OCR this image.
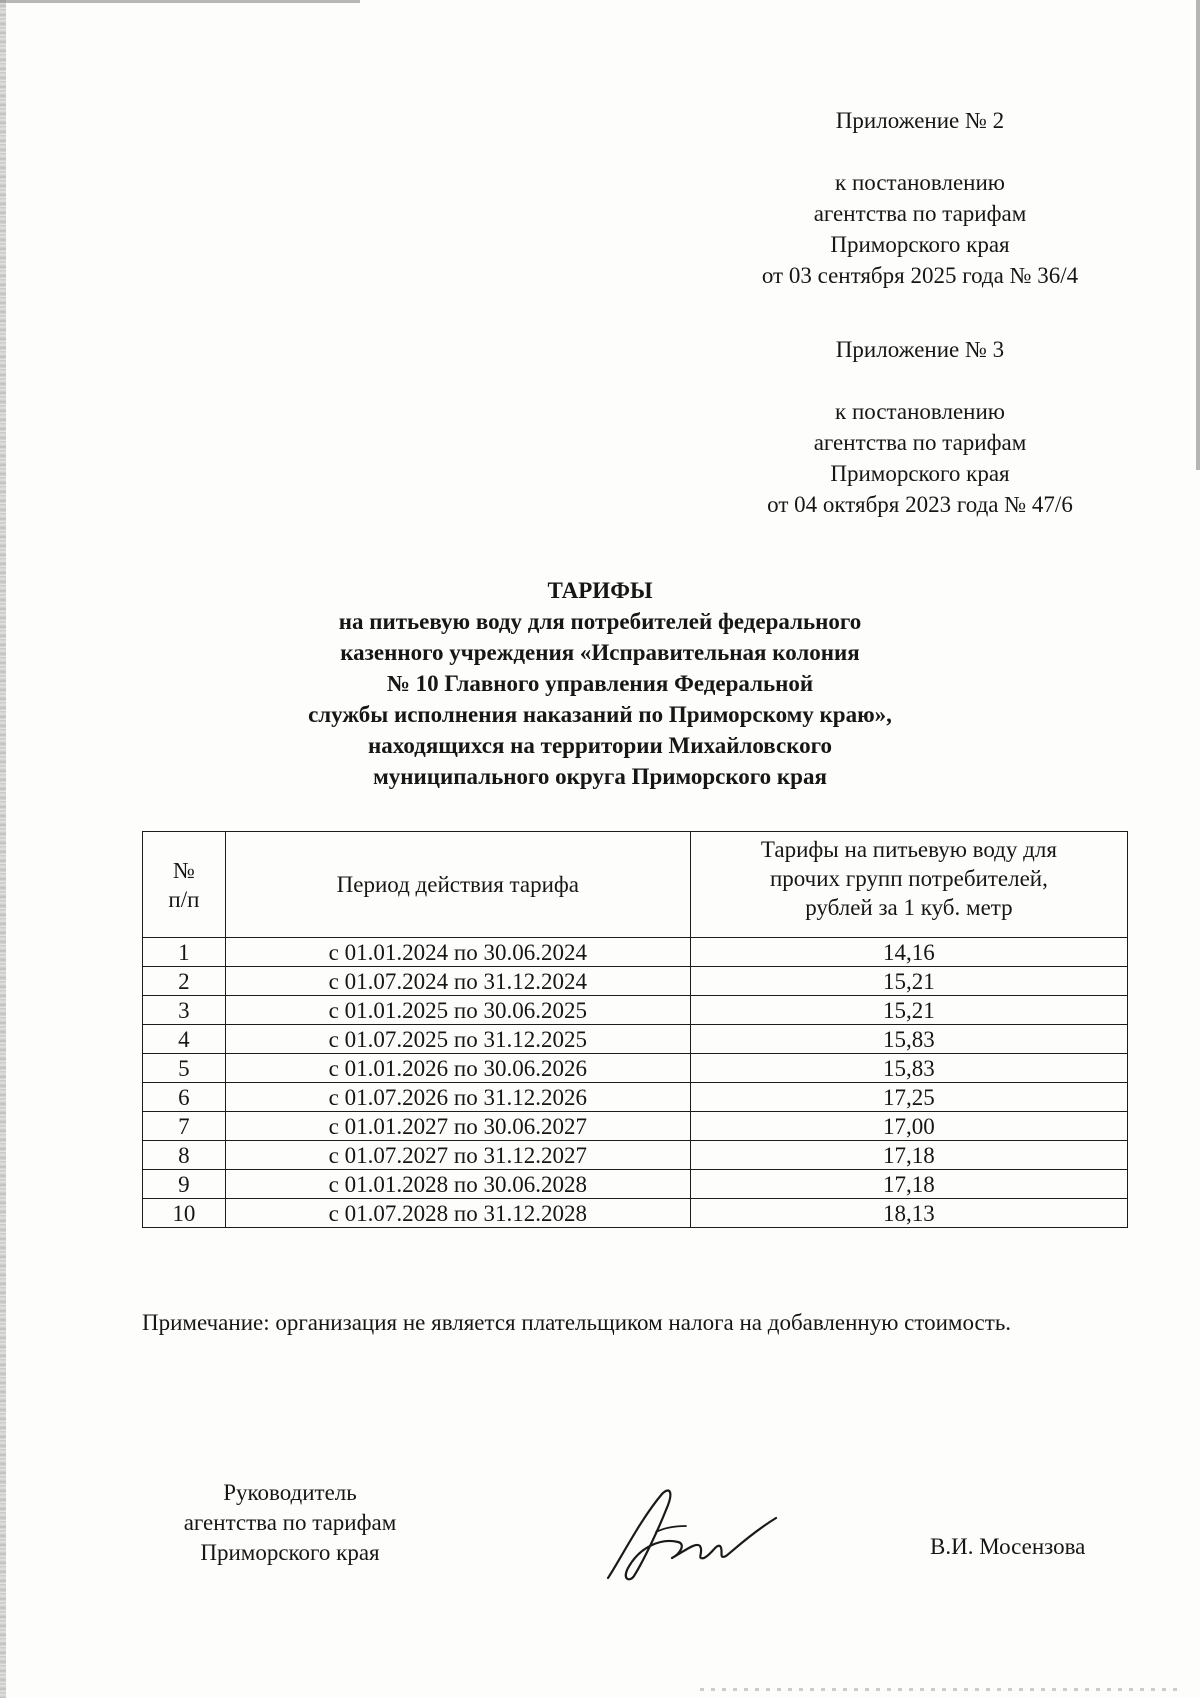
Приложение № 2
к постановлению
агентства по тарифам
Приморского края
от 03 сентября 2025 года № 36/4
Приложение № 3
к постановлению
агентства по тарифам
Приморского края
от 04 октября 2023 года № 47/6
ТАРИФЫ
на питьевую воду для потребителей федерального
казенного учреждения «Исправительная колония
№ 10 Главного управления Федеральной
службы исполнения наказаний по Приморскому краю»,
находящихся на территории Михайловского
муниципального округа Приморского края
№
п/п	Период действия тарифа	Тарифы на питьевую воду для
прочих групп потребителей,
рублей за 1 куб. метр

1	с 01.01.2024 по 30.06.2024	14,16
2	с 01.07.2024 по 31.12.2024	15,21
3	с 01.01.2025 по 30.06.2025	15,21
4	с 01.07.2025 по 31.12.2025	15,83
5	с 01.01.2026 по 30.06.2026	15,83
6	с 01.07.2026 по 31.12.2026	17,25
7	с 01.01.2027 по 30.06.2027	17,00
8	с 01.07.2027 по 31.12.2027	17,18
9	с 01.01.2028 по 30.06.2028	17,18
10	с 01.07.2028 по 31.12.2028	18,13
Примечание: организация не является плательщиком налога на добавленную стоимость.
Руководитель
агентства по тарифам
Приморского края	В.И. Мосензова
